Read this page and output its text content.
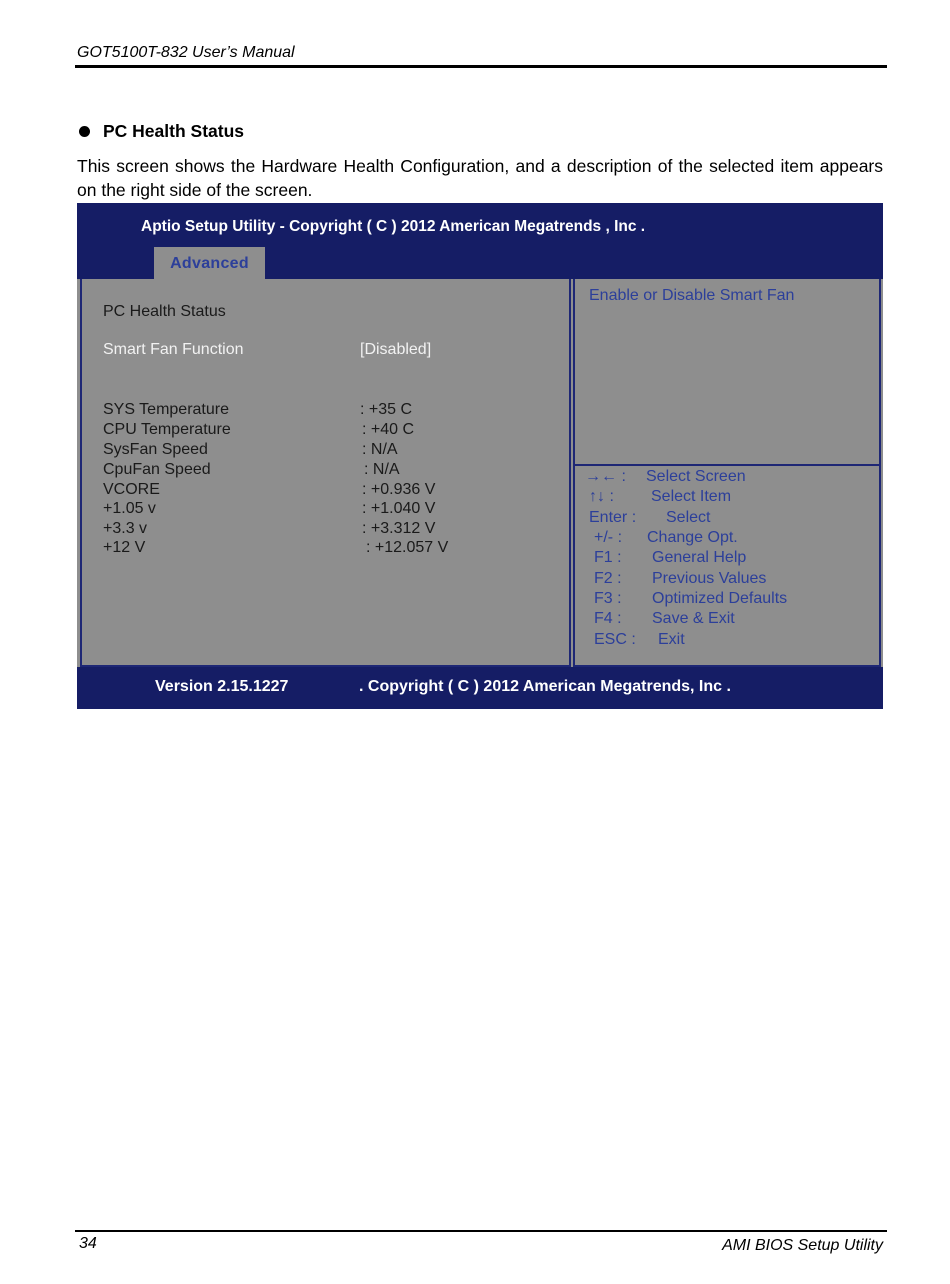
GOT5100T-832 User’s Manual
PC Health Status
This screen shows the Hardware Health Configuration, and a description of the selected item appears on the right side of the screen.
Aptio Setup Utility - Copyright ( C ) 2012 American Megatrends , Inc .
Advanced
PC Health Status
Smart Fan Function	[Disabled]
SYS Temperature	: +35 C
CPU Temperature	: +40 C
SysFan Speed	: N/A
CpuFan Speed	: N/A
VCORE	: +0.936 V
+1.05 v	: +1.040 V
+3.3 v	: +3.312 V
+12 V	: +12.057 V
Enable or Disable Smart Fan
→← : Select Screen
↑↓ : Select Item
Enter : Select
+/- : Change Opt.
F1 : General Help
F2 : Previous Values
F3 : Optimized Defaults
F4 : Save & Exit
ESC : Exit
Version 2.15.1227	. Copyright ( C ) 2012 American Megatrends, Inc .
34	AMI BIOS Setup Utility
